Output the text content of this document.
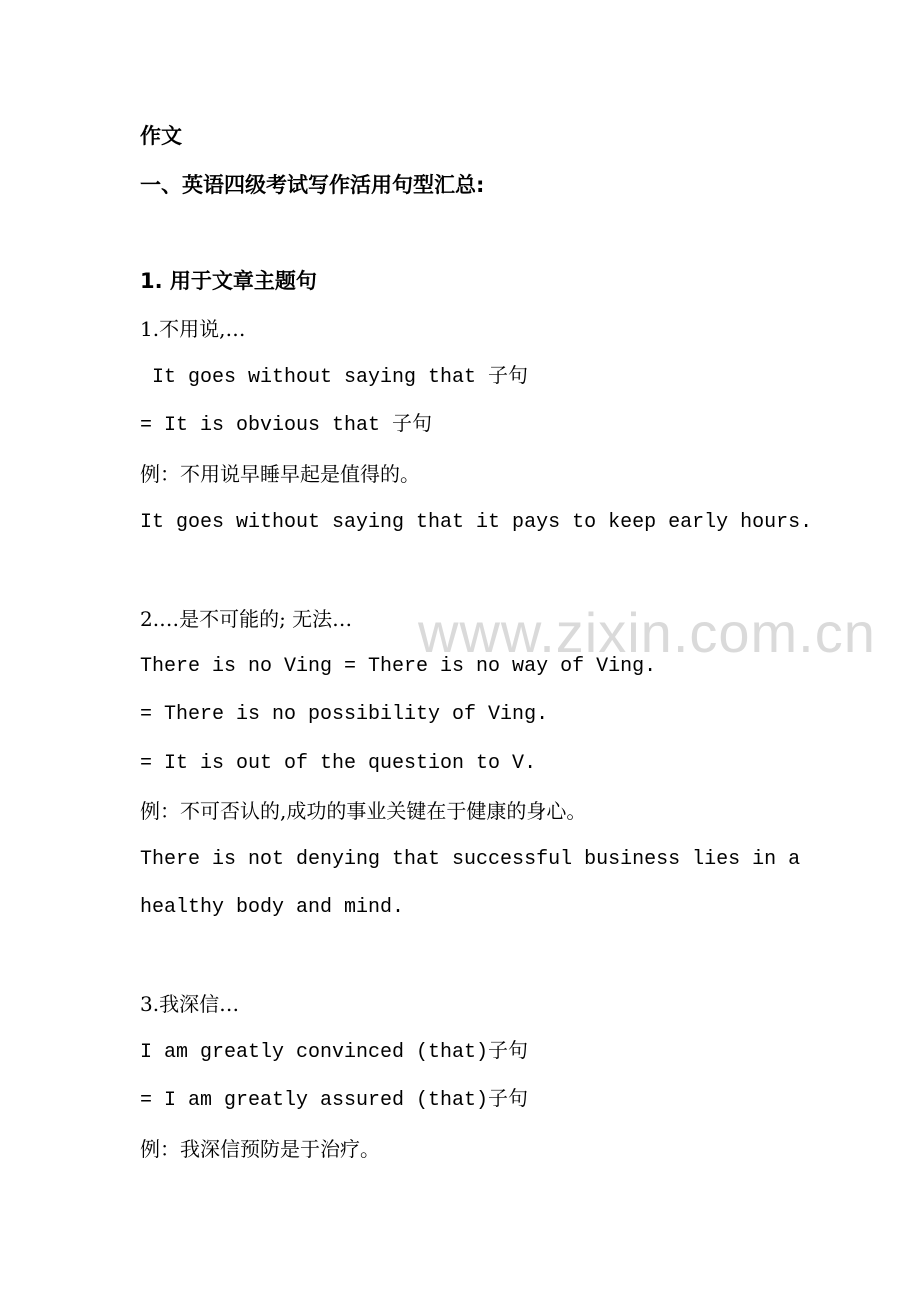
www.zixin.com.cn
作文
一、英语四级考试写作活用句型汇总:
1. 用于文章主题句
1.不用说,…
It goes without saying that 子句
= It is obvious that 子句
例：不用说早睡早起是值得的。
It goes without saying that it pays to keep early hours.
2.…是不可能的; 无法…
There is no Ving = There is no way of Ving.
= There is no possibility of Ving.
= It is out of the question to V.
例：不可否认的,成功的事业关键在于健康的身心。
There is not denying that successful business lies in a
healthy body and mind.
3.我深信…
I am greatly convinced (that)子句
= I am greatly assured (that)子句
例：我深信预防是于治疗。
